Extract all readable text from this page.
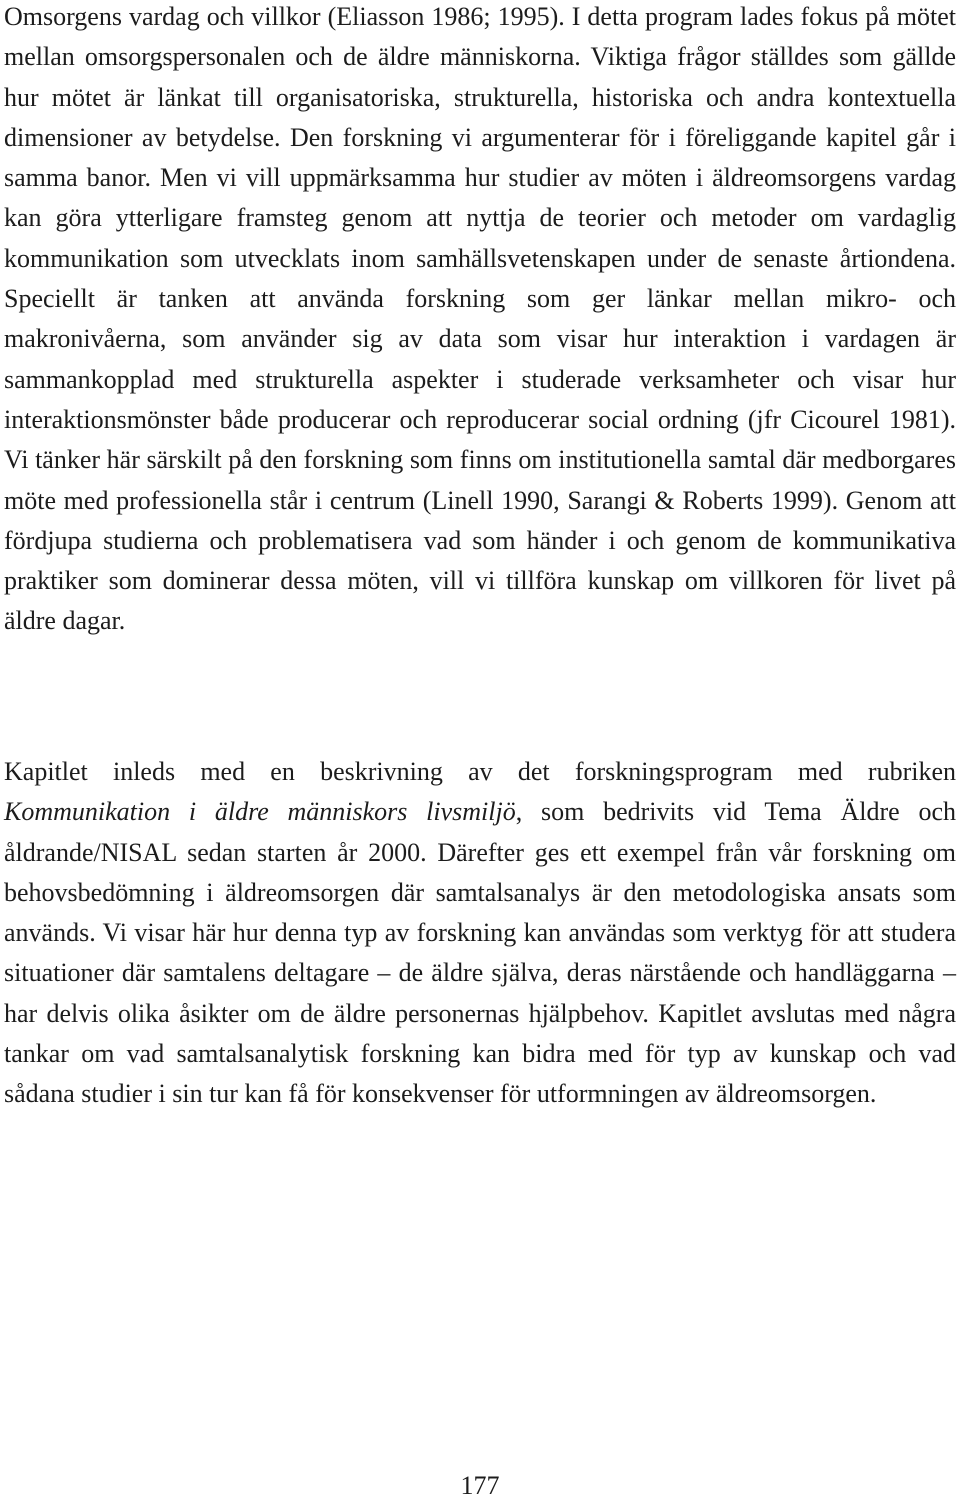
Omsorgens vardag och villkor (Eliasson 1986; 1995). I detta program lades fokus på mötet mellan omsorgspersonalen och de äldre människorna. Viktiga frågor ställdes som gällde hur mötet är länkat till organisatoriska, strukturella, historiska och andra kontextuella dimensioner av betydelse. Den forskning vi argumenterar för i föreliggande kapitel går i samma banor. Men vi vill uppmärksamma hur studier av möten i äldreomsorgens vardag kan göra ytterligare framsteg genom att nyttja de teorier och metoder om vardaglig kommunikation som utvecklats inom samhällsvetenskapen under de senaste årtiondena. Speciellt är tanken att använda forskning som ger länkar mellan mikro- och makronivåerna, som använder sig av data som visar hur interaktion i vardagen är sammankopplad med strukturella aspekter i studerade verksamheter och visar hur interaktionsmönster både producerar och reproducerar social ordning (jfr Cicourel 1981). Vi tänker här särskilt på den forskning som finns om institutionella samtal där medborgares möte med professionella står i centrum (Linell 1990, Sarangi & Roberts 1999). Genom att fördjupa studierna och problematisera vad som händer i och genom de kommunikativa praktiker som dominerar dessa möten, vill vi tillföra kunskap om villkoren för livet på äldre dagar.

Kapitlet inleds med en beskrivning av det forskningsprogram med rubriken Kommunikation i äldre människors livsmiljö, som bedrivits vid Tema Äldre och åldrande/NISAL sedan starten år 2000. Därefter ges ett exempel från vår forskning om behovsbedömning i äldreomsorgen där samtalsanalys är den metodologiska ansats som används. Vi visar här hur denna typ av forskning kan användas som verktyg för att studera situationer där samtalens deltagare – de äldre själva, deras närstående och handläggarna – har delvis olika åsikter om de äldre personernas hjälpbehov. Kapitlet avslutas med några tankar om vad samtalsanalytisk forskning kan bidra med för typ av kunskap och vad sådana studier i sin tur kan få för konsekvenser för utformningen av äldreomsorgen.

177
